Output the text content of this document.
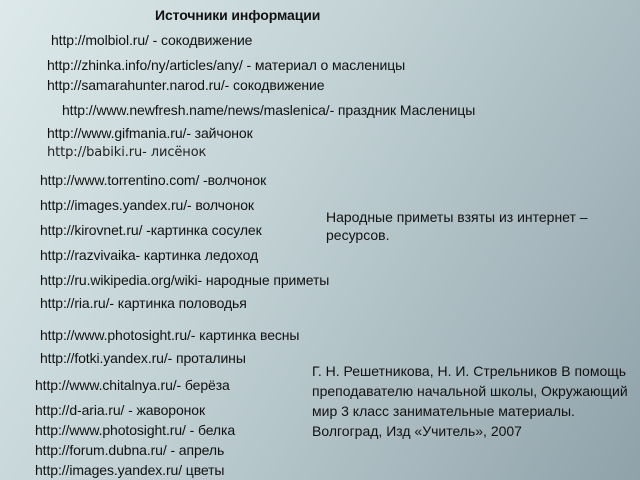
Источники информации
http://molbiol.ru/ - сокодвижение
http://zhinka.info/ny/articles/any/ - материал о масленицы
http://samarahunter.narod.ru/- сокодвижение
http://www.newfresh.name/news/maslenica/- праздник Масленицы
http://www.gifmania.ru/- зайчонок
http://babiki.ru- лисёнок
http://www.torrentino.com/ -волчонок
http://images.yandex.ru/- волчонок
http://kirovnet.ru/ -картинка сосулек
http://razvivaika- картинка ледоход
http://ru.wikipedia.org/wiki- народные приметы
http://ria.ru/- картинка половодья
http://www.photosight.ru/- картинка весны
http://fotki.yandex.ru/- проталины
http://www.chitalnya.ru/- берёза
http://d-aria.ru/ - жаворонок
http://www.photosight.ru/ - белка
http://forum.dubna.ru/ - апрель
http://images.yandex.ru/ цветы
Народные приметы взяты из интернет – ресурсов.
Г. Н. Решетникова, Н. И. Стрельников В помощь преподавателю начальной школы, Окружающий мир 3 класс занимательные материалы. Волгоград, Изд «Учитель», 2007
